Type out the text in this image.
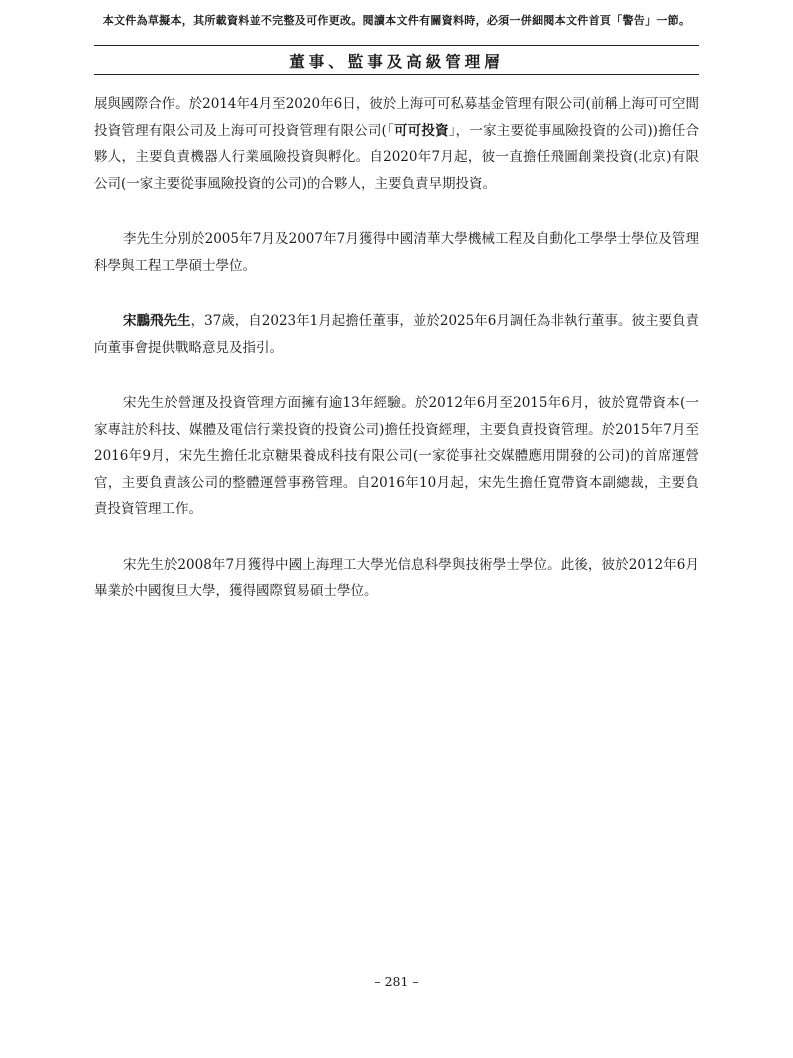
本文件為草擬本，其所載資料並不完整及可作更改。閱讀本文件有關資料時，必須一併細閱本文件首頁「警告」一節。
董事、監事及高級管理層

展與國際合作。於2014年4月至2020年6日，彼於上海可可私募基金管理有限公司(前稱上海可可空間投資管理有限公司及上海可可投資管理有限公司(「可可投資」，一家主要從事風險投資的公司))擔任合夥人，主要負責機器人行業風險投資與孵化。自2020年7月起，彼一直擔任飛圖創業投資(北京)有限公司(一家主要從事風險投資的公司)的合夥人，主要負責早期投資。

李先生分別於2005年7月及2007年7月獲得中國清華大學機械工程及自動化工學學士學位及管理科學與工程工學碩士學位。

宋鵬飛先生，37歲，自2023年1月起擔任董事，並於2025年6月調任為非執行董事。彼主要負責向董事會提供戰略意見及指引。

宋先生於營運及投資管理方面擁有逾13年經驗。於2012年6月至2015年6月，彼於寬帶資本(一家專註於科技、媒體及電信行業投資的投資公司)擔任投資經理，主要負責投資管理。於2015年7月至2016年9月，宋先生擔任北京糖果養成科技有限公司(一家從事社交媒體應用開發的公司)的首席運營官，主要負責該公司的整體運營事務管理。自2016年10月起，宋先生擔任寬帶資本副總裁，主要負責投資管理工作。

宋先生於2008年7月獲得中國上海理工大學光信息科學與技術學士學位。此後，彼於2012年6月畢業於中國復旦大學，獲得國際貿易碩士學位。

– 281 –
